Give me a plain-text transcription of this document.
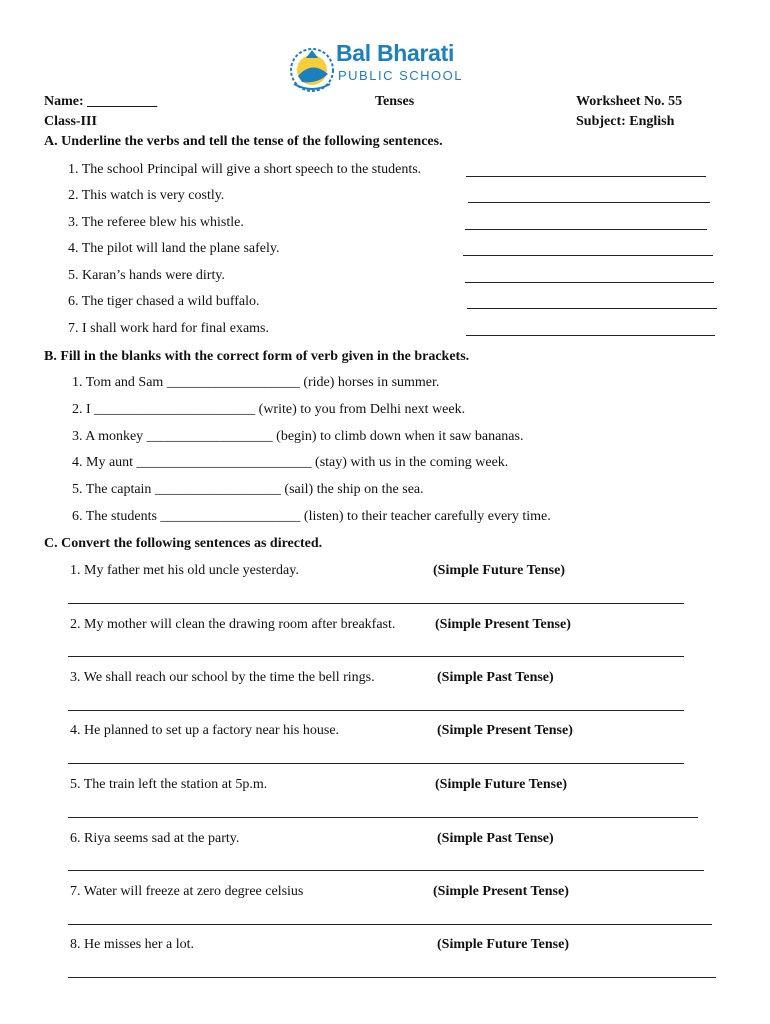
Bal Bharati
PUBLIC SCHOOL
Name: __________	Tenses	Worksheet No. 55
Class-III	Subject: English
A. Underline the verbs and tell the tense of the following sentences.
1. The school Principal will give a short speech to the students.
2. This watch is very costly.
3. The referee blew his whistle.
4. The pilot will land the plane safely.
5. Karan’s hands were dirty.
6. The tiger chased a wild buffalo.
7. I shall work hard for final exams.
B. Fill in the blanks with the correct form of verb given in the brackets.
1. Tom and Sam ___________________ (ride) horses in summer.
2. I _______________________ (write) to you from Delhi next week.
3. A monkey __________________ (begin) to climb down when it saw bananas.
4. My aunt _________________________ (stay) with us in the coming week.
5. The captain __________________ (sail) the ship on the sea.
6. The students ____________________ (listen) to their teacher carefully every time.
C. Convert the following sentences as directed.
1. My father met his old uncle yesterday.	(Simple Future Tense)
2. My mother will clean the drawing room after breakfast.	(Simple Present Tense)
3. We shall reach our school by the time the bell rings.	(Simple Past Tense)
4. He planned to set up a factory near his house.	(Simple Present Tense)
5. The train left the station at 5p.m.	(Simple Future Tense)
6. Riya seems sad at the party.	(Simple Past Tense)
7. Water will freeze at zero degree celsius	(Simple Present Tense)
8. He misses her a lot.	(Simple Future Tense)
